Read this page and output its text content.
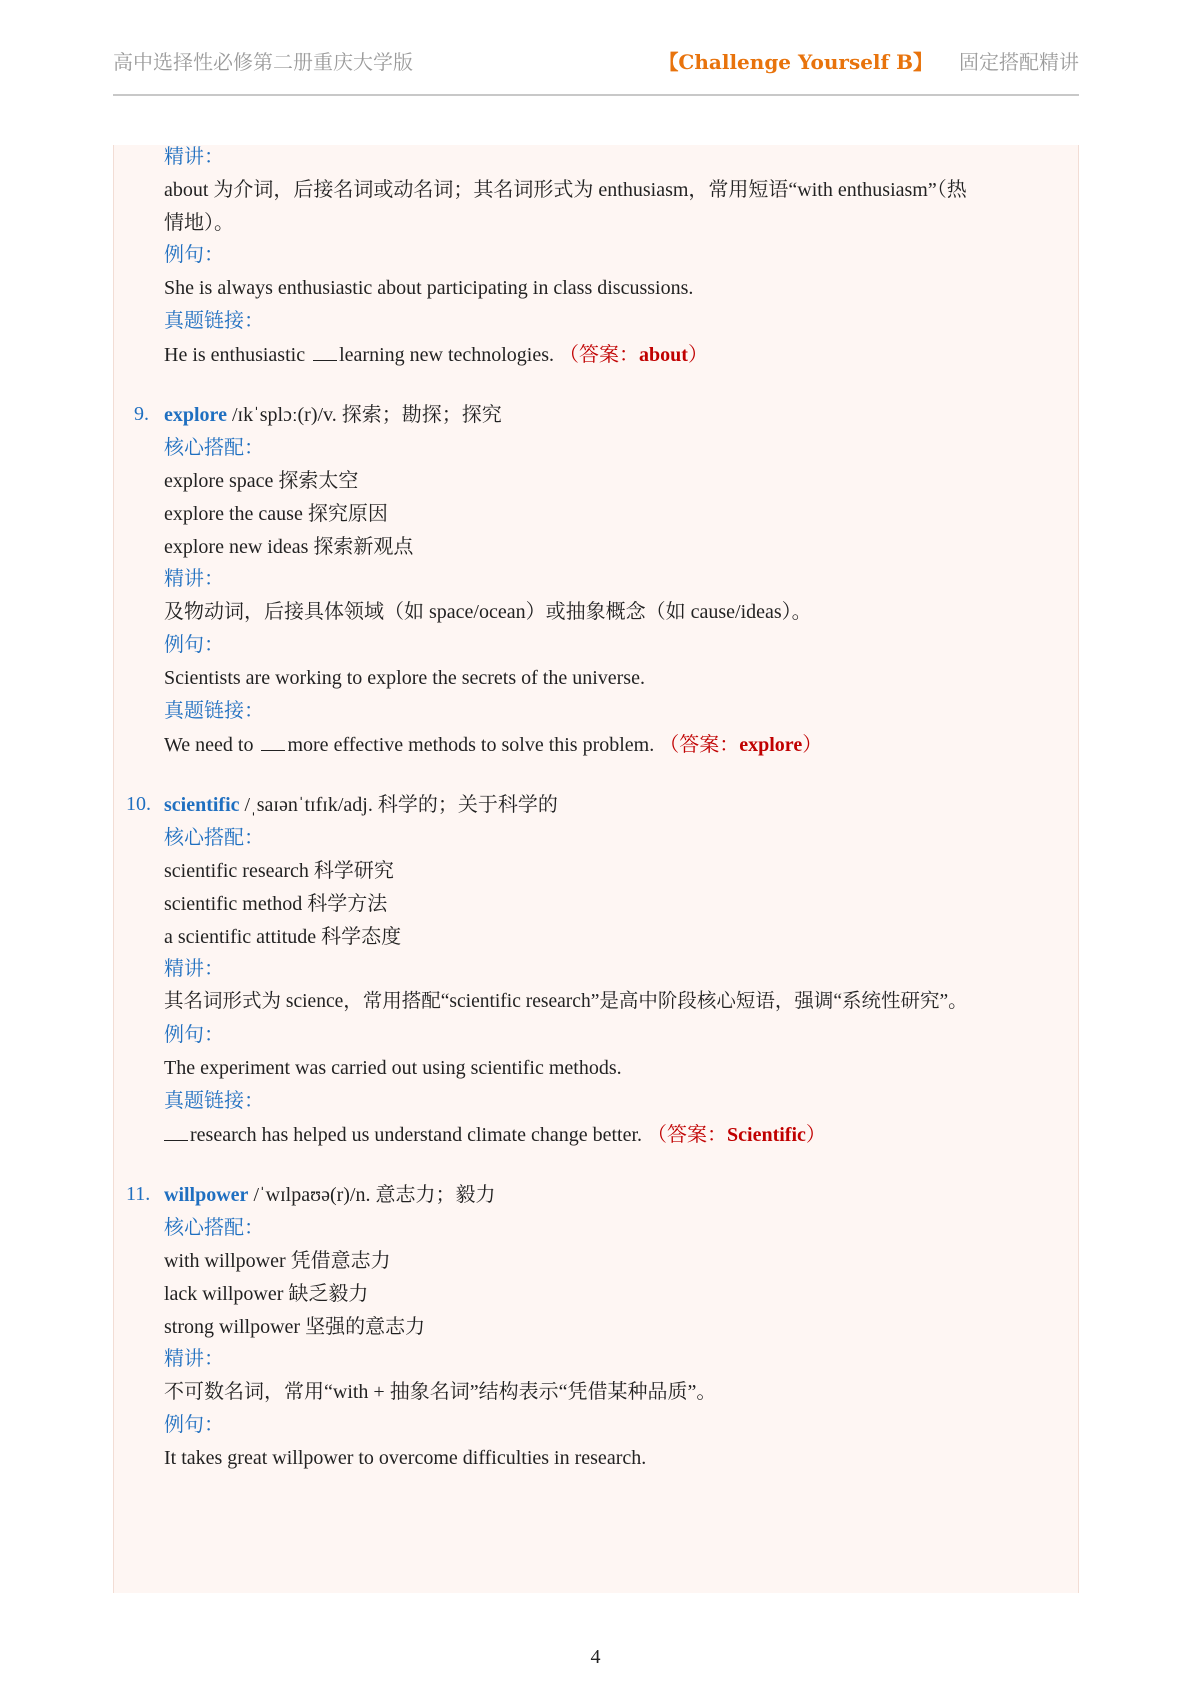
高中选择性必修第二册重庆大学版	【Challenge Yourself B】 固定搭配精讲
精讲：
about 为介词，后接名词或动名词；其名词形式为 enthusiasm，常用短语“with enthusiasm”（热
情地）。
例句：
She is always enthusiastic about participating in class discussions.
真题链接：
He is enthusiastic learning new technologies. （答案：about）
9. explore /ɪkˈsplɔː(r)/v. 探索；勘探；探究
核心搭配：
explore space 探索太空
explore the cause 探究原因
explore new ideas 探索新观点
精讲：
及物动词，后接具体领域（如 space/ocean）或抽象概念（如 cause/ideas）。
例句：
Scientists are working to explore the secrets of the universe.
真题链接：
We need to more effective methods to solve this problem. （答案：explore）
10. scientific /ˌsaɪənˈtɪfɪk/adj. 科学的；关于科学的
核心搭配：
scientific research 科学研究
scientific method 科学方法
a scientific attitude 科学态度
精讲：
其名词形式为 science，常用搭配“scientific research”是高中阶段核心短语，强调“系统性研究”。
例句：
The experiment was carried out using scientific methods.
真题链接：
research has helped us understand climate change better. （答案：Scientific）
11. willpower /ˈwɪlpaʊə(r)/n. 意志力；毅力
核心搭配：
with willpower 凭借意志力
lack willpower 缺乏毅力
strong willpower 坚强的意志力
精讲：
不可数名词，常用“with + 抽象名词”结构表示“凭借某种品质”。
例句：
It takes great willpower to overcome difficulties in research.
4
